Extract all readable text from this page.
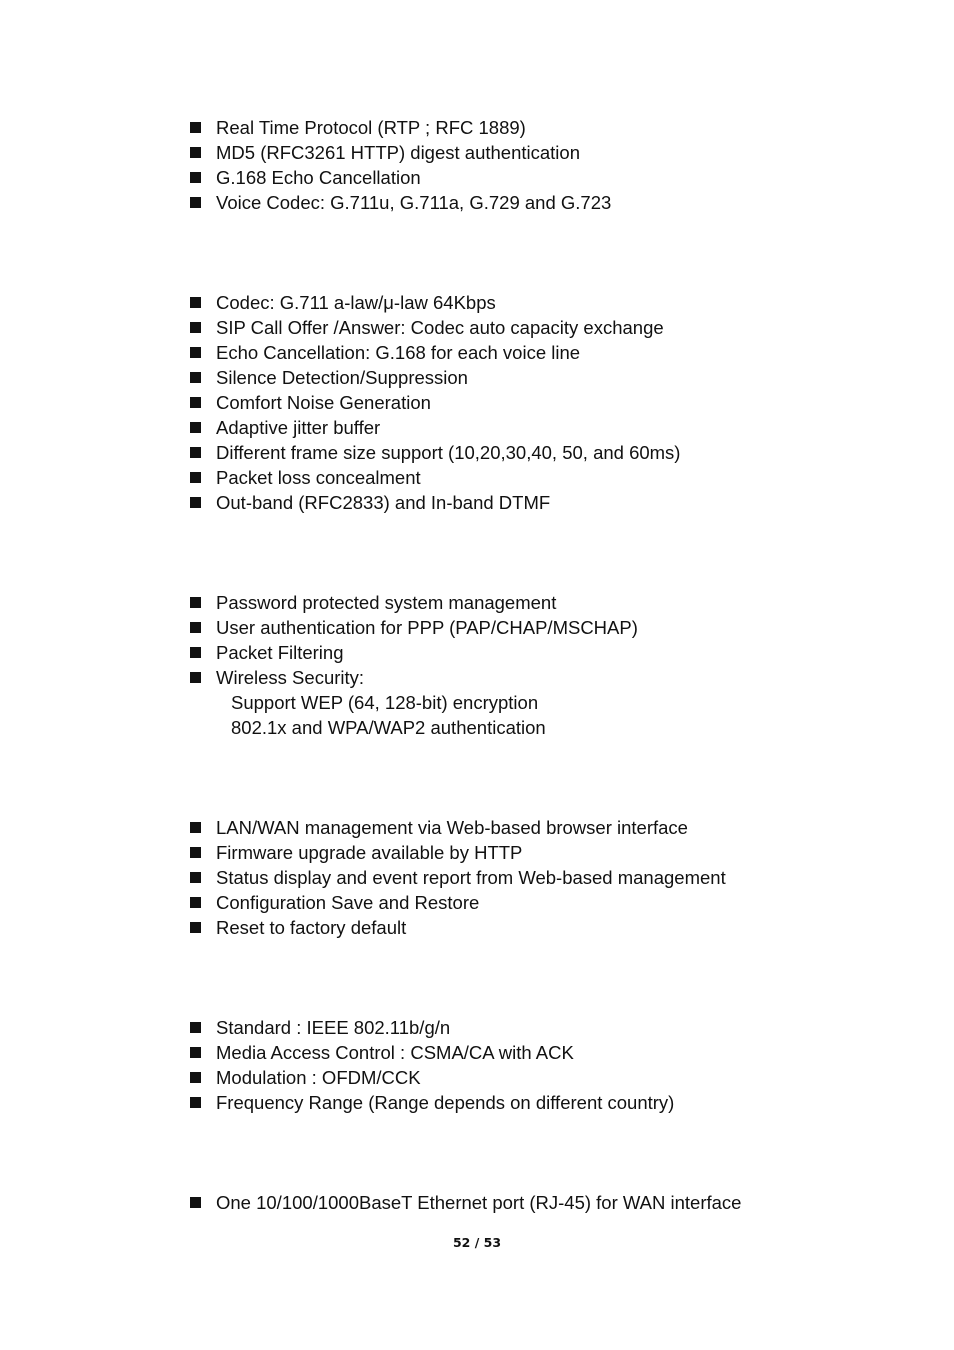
Real Time Protocol (RTP ; RFC 1889)
MD5 (RFC3261 HTTP) digest authentication
G.168 Echo Cancellation
Voice Codec: G.711u, G.711a, G.729 and G.723
Codec: G.711 a-law/μ-law 64Kbps
SIP Call Offer /Answer: Codec auto capacity exchange
Echo Cancellation: G.168 for each voice line
Silence Detection/Suppression
Comfort Noise Generation
Adaptive jitter buffer
Different frame size support (10,20,30,40, 50, and 60ms)
Packet loss concealment
Out-band (RFC2833) and In-band DTMF
Password protected system management
User authentication for PPP (PAP/CHAP/MSCHAP)
Packet Filtering
Wireless Security:
Support WEP (64, 128-bit) encryption
802.1x and WPA/WAP2 authentication
LAN/WAN management via Web-based browser interface
Firmware upgrade available by HTTP
Status display and event report from Web-based management
Configuration Save and Restore
Reset to factory default
Standard : IEEE 802.11b/g/n
Media Access Control : CSMA/CA with ACK
Modulation : OFDM/CCK
Frequency Range (Range depends on different country)
One 10/100/1000BaseT Ethernet port (RJ-45) for WAN interface
52 / 53
